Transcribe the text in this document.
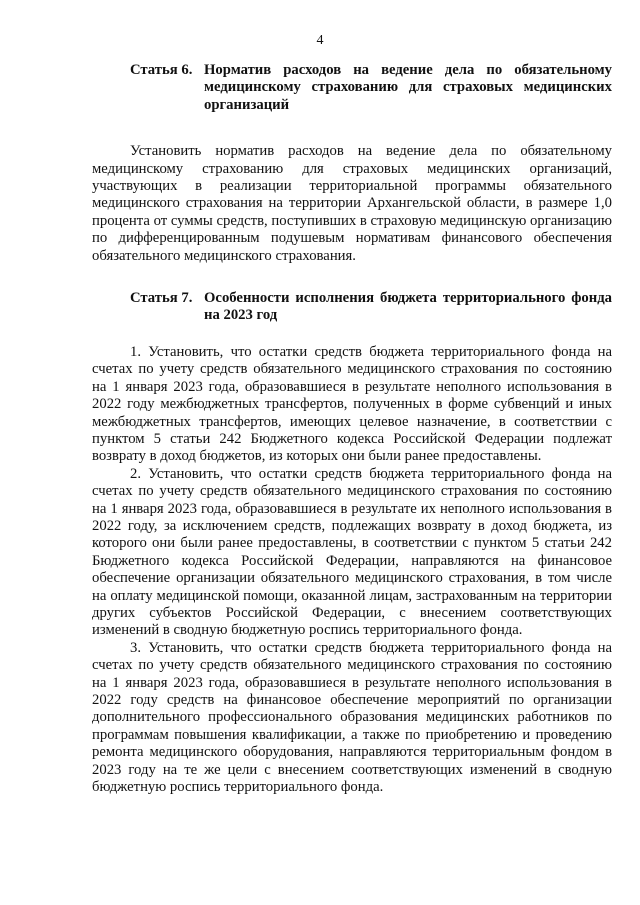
4
Статья 6. Норматив расходов на ведение дела по обязательному медицинскому страхованию для страховых медицинских организаций

Установить норматив расходов на ведение дела по обязательному медицинскому страхованию для страховых медицинских организаций, участвующих в реализации территориальной программы обязательного медицинского страхования на территории Архангельской области, в размере 1,0 процента от суммы средств, поступивших в страховую медицинскую организацию по дифференцированным подушевым нормативам финансового обеспечения обязательного медицинского страхования.

Статья 7. Особенности исполнения бюджета территориального фонда на 2023 год

1. Установить, что остатки средств бюджета территориального фонда на счетах по учету средств обязательного медицинского страхования по состоянию на 1 января 2023 года, образовавшиеся в результате неполного использования в 2022 году межбюджетных трансфертов, полученных в форме субвенций и иных межбюджетных трансфертов, имеющих целевое назначение, в соответствии с пунктом 5 статьи 242 Бюджетного кодекса Российской Федерации подлежат возврату в доход бюджетов, из которых они были ранее предоставлены.

2. Установить, что остатки средств бюджета территориального фонда на счетах по учету средств обязательного медицинского страхования по состоянию на 1 января 2023 года, образовавшиеся в результате их неполного использования в 2022 году, за исключением средств, подлежащих возврату в доход бюджета, из которого они были ранее предоставлены, в соответствии с пунктом 5 статьи 242 Бюджетного кодекса Российской Федерации, направляются на финансовое обеспечение организации обязательного медицинского страхования, в том числе на оплату медицинской помощи, оказанной лицам, застрахованным на территории других субъектов Российской Федерации, с внесением соответствующих изменений в сводную бюджетную роспись территориального фонда.

3. Установить, что остатки средств бюджета территориального фонда на счетах по учету средств обязательного медицинского страхования по состоянию на 1 января 2023 года, образовавшиеся в результате неполного использования в 2022 году средств на финансовое обеспечение мероприятий по организации дополнительного профессионального образования медицинских работников по программам повышения квалификации, а также по приобретению и проведению ремонта медицинского оборудования, направляются территориальным фондом в 2023 году на те же цели с внесением соответствующих изменений в сводную бюджетную роспись территориального фонда.
